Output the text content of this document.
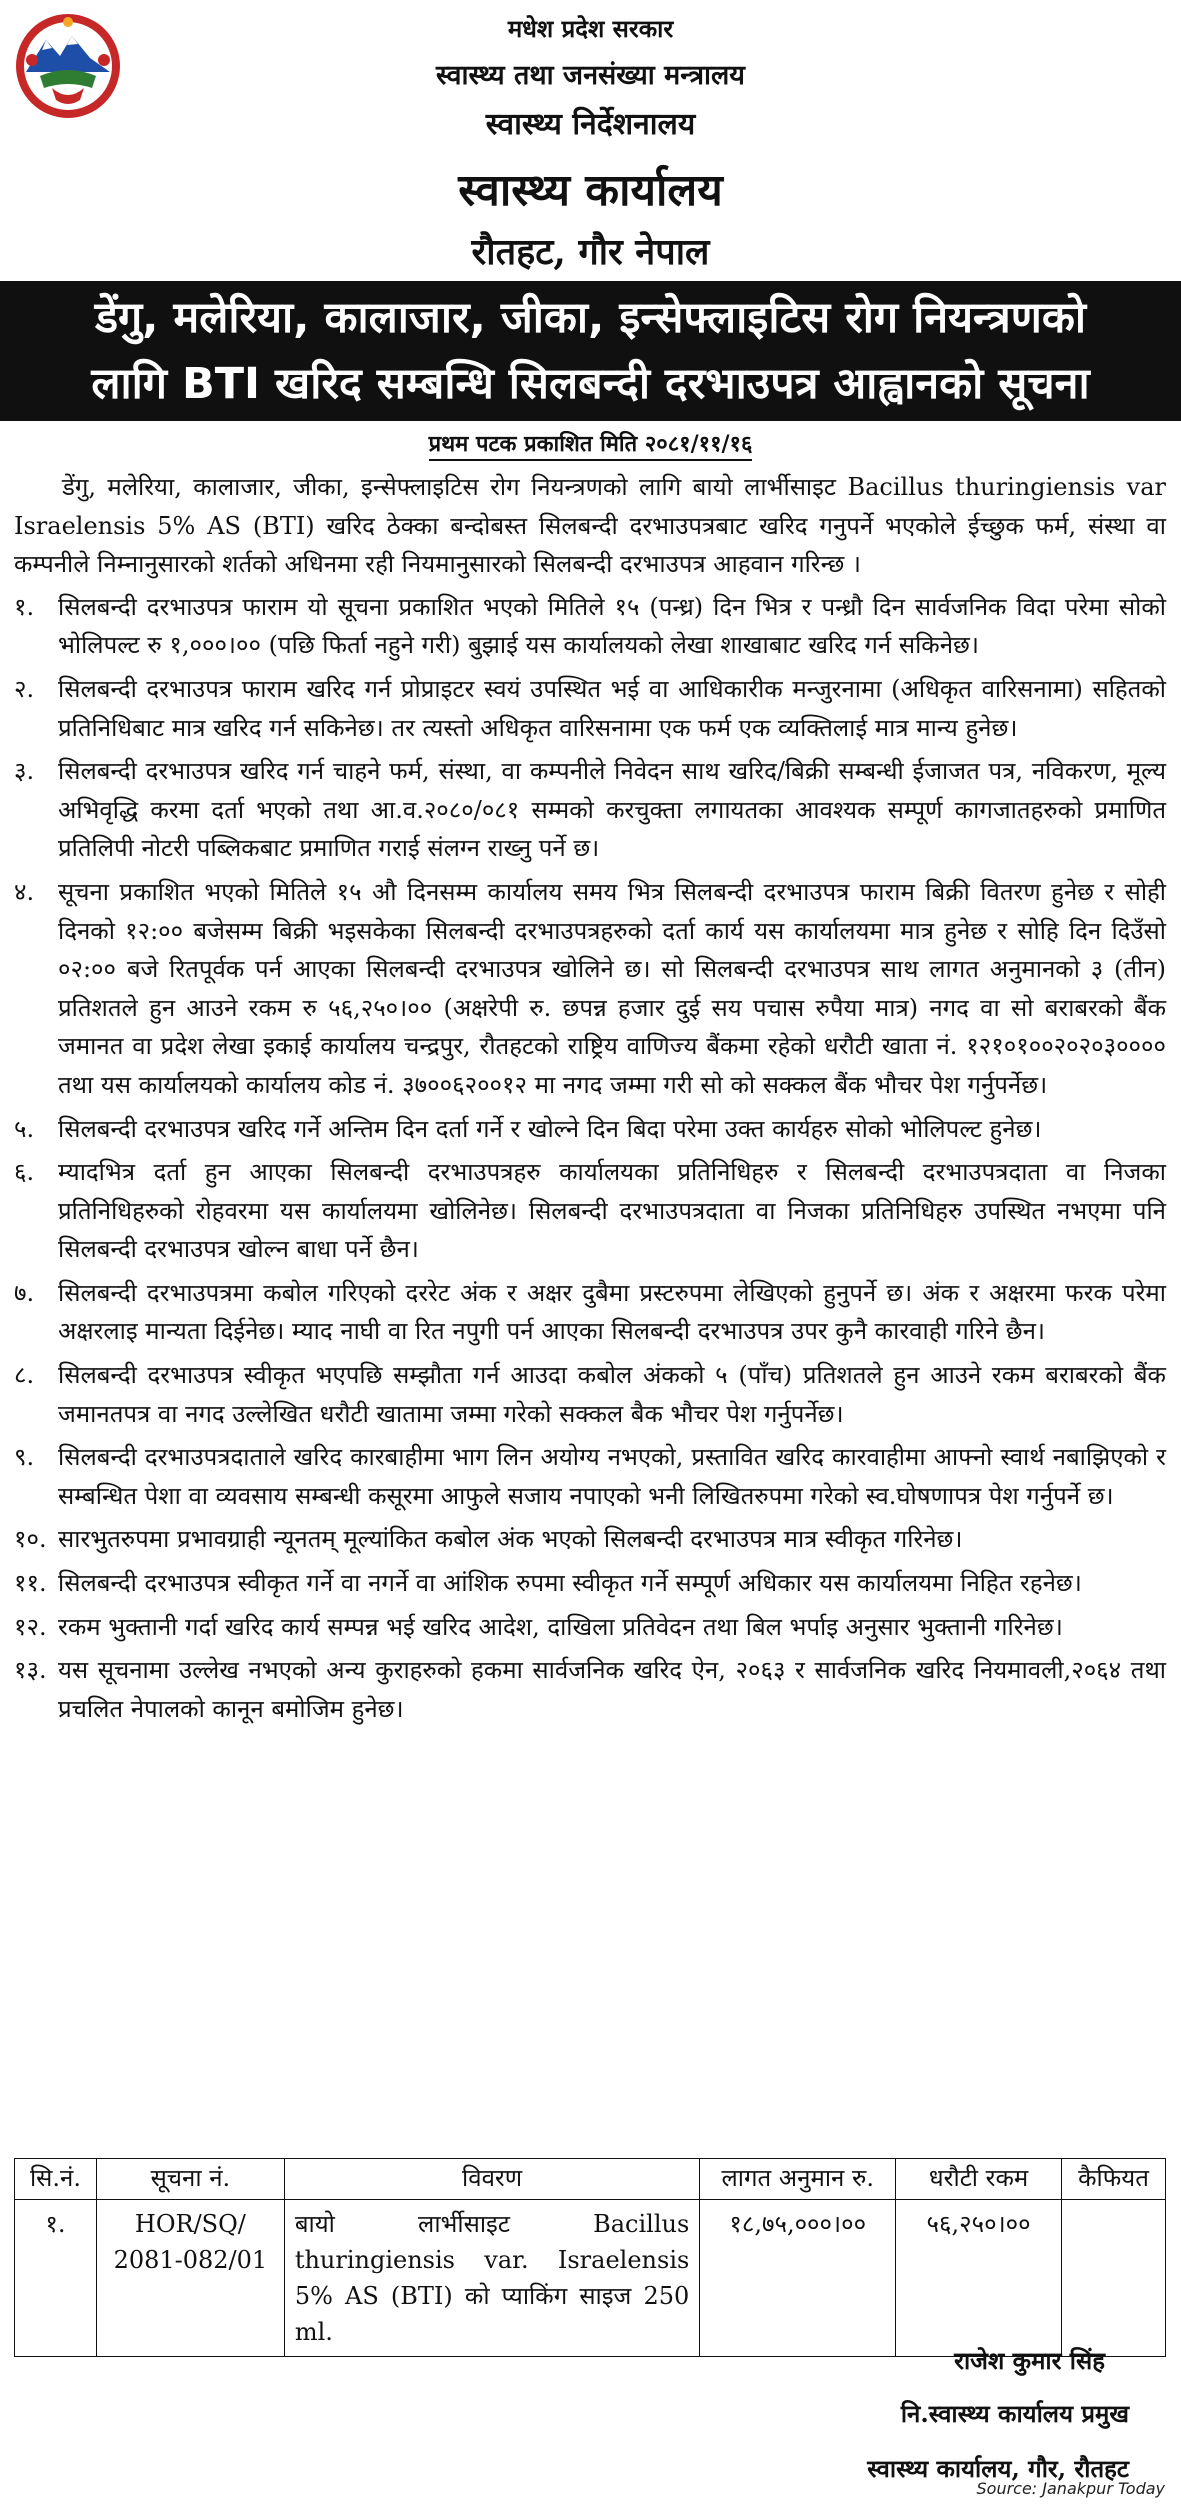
मधेश प्रदेश सरकार
स्वास्थ्य तथा जनसंख्या मन्त्रालय
स्वास्थ्य निर्देशनालय
स्वास्थ्य कार्यालय
रौतहट, गौर नेपाल
डेंगु, मलेरिया, कालाजार, जीका, इन्सेफ्लाइटिस रोग नियन्त्रणको
लागि BTI खरिद सम्बन्धि सिलबन्दी दरभाउपत्र आह्वानको सूचना
प्रथम पटक प्रकाशित मिति २०८१/११/१६

डेंगु, मलेरिया, कालाजार, जीका, इन्सेफ्लाइटिस रोग नियन्त्रणको लागि बायो लार्भीसाइट Bacillus thuringiensis var Israelensis 5% AS (BTI) खरिद ठेक्का बन्दोबस्त सिलबन्दी दरभाउपत्रबाट खरिद गनुपर्ने भएकोले ईच्छुक फर्म, संस्था वा कम्पनीले निम्नानुसारको शर्तको अधिनमा रही नियमानुसारको सिलबन्दी दरभाउपत्र आहवान गरिन्छ ।

१. सिलबन्दी दरभाउपत्र फाराम यो सूचना प्रकाशित भएको मितिले १५ (पन्ध्र) दिन भित्र र पन्ध्रौ दिन सार्वजनिक विदा परेमा सोको भोलिपल्ट रु १,०००।०० (पछि फिर्ता नहुने गरी) बुझाई यस कार्यालयको लेखा शाखाबाट खरिद गर्न सकिनेछ।
२. सिलबन्दी दरभाउपत्र फाराम खरिद गर्न प्रोप्राइटर स्वयं उपस्थित भई वा आधिकारीक मन्जुरनामा (अधिकृत वारिसनामा) सहितको प्रतिनिधिबाट मात्र खरिद गर्न सकिनेछ। तर त्यस्तो अधिकृत वारिसनामा एक फर्म एक व्यक्तिलाई मात्र मान्य हुनेछ।
३. सिलबन्दी दरभाउपत्र खरिद गर्न चाहने फर्म, संस्था, वा कम्पनीले निवेदन साथ खरिद/बिक्री सम्बन्धी ईजाजत पत्र, नविकरण, मूल्य अभिवृद्धि करमा दर्ता भएको तथा आ.व.२०८०/०८१ सम्मको करचुक्ता लगायतका आवश्यक सम्पूर्ण कागजातहरुको प्रमाणित प्रतिलिपी नोटरी पब्लिकबाट प्रमाणित गराई संलग्न राख्नु पर्ने छ।
४. सूचना प्रकाशित भएको मितिले १५ औ दिनसम्म कार्यालय समय भित्र सिलबन्दी दरभाउपत्र फाराम बिक्री वितरण हुनेछ र सोही दिनको १२:०० बजेसम्म बिक्री भइसकेका सिलबन्दी दरभाउपत्रहरुको दर्ता कार्य यस कार्यालयमा मात्र हुनेछ र सोहि दिन दिउँसो ०२:०० बजे रितपूर्वक पर्न आएका सिलबन्दी दरभाउपत्र खोलिने छ। सो सिलबन्दी दरभाउपत्र साथ लागत अनुमानको ३ (तीन) प्रतिशतले हुन आउने रकम रु ५६,२५०।०० (अक्षरेपी रु. छपन्न हजार दुई सय पचास रुपैया मात्र) नगद वा सो बराबरको बैंक जमानत वा प्रदेश लेखा इकाई कार्यालय चन्द्रपुर, रौतहटको राष्ट्रिय वाणिज्य बैंकमा रहेको धरौटी खाता नं. १२१०१००२०२०३०००० तथा यस कार्यालयको कार्यालय कोड नं. ३७००६२००१२ मा नगद जम्मा गरी सो को सक्कल बैंक भौचर पेश गर्नुपर्नेछ।
५. सिलबन्दी दरभाउपत्र खरिद गर्ने अन्तिम दिन दर्ता गर्ने र खोल्ने दिन बिदा परेमा उक्त कार्यहरु सोको भोलिपल्ट हुनेछ।
६. म्यादभित्र दर्ता हुन आएका सिलबन्दी दरभाउपत्रहरु कार्यालयका प्रतिनिधिहरु र सिलबन्दी दरभाउपत्रदाता वा निजका प्रतिनिधिहरुको रोहवरमा यस कार्यालयमा खोलिनेछ। सिलबन्दी दरभाउपत्रदाता वा निजका प्रतिनिधिहरु उपस्थित नभएमा पनि सिलबन्दी दरभाउपत्र खोल्न बाधा पर्ने छैन।
७. सिलबन्दी दरभाउपत्रमा कबोल गरिएको दररेट अंक र अक्षर दुबैमा प्रस्टरुपमा लेखिएको हुनुपर्ने छ। अंक र अक्षरमा फरक परेमा अक्षरलाइ मान्यता दिईनेछ। म्याद नाघी वा रित नपुगी पर्न आएका सिलबन्दी दरभाउपत्र उपर कुनै कारवाही गरिने छैन।
८. सिलबन्दी दरभाउपत्र स्वीकृत भएपछि सम्झौता गर्न आउदा कबोल अंकको ५ (पाँच) प्रतिशतले हुन आउने रकम बराबरको बैंक जमानतपत्र वा नगद उल्लेखित धरौटी खातामा जम्मा गरेको सक्कल बैक भौचर पेश गर्नुपर्नेछ।
९. सिलबन्दी दरभाउपत्रदाताले खरिद कारबाहीमा भाग लिन अयोग्य नभएको, प्रस्तावित खरिद कारवाहीमा आफ्नो स्वार्थ नबाझिएको र सम्बन्धित पेशा वा व्यवसाय सम्बन्धी कसूरमा आफुले सजाय नपाएको भनी लिखितरुपमा गरेको स्व.घोषणापत्र पेश गर्नुपर्ने छ।
१०. सारभुतरुपमा प्रभावग्राही न्यूनतम् मूल्यांकित कबोल अंक भएको सिलबन्दी दरभाउपत्र मात्र स्वीकृत गरिनेछ।
११. सिलबन्दी दरभाउपत्र स्वीकृत गर्ने वा नगर्ने वा आंशिक रुपमा स्वीकृत गर्ने सम्पूर्ण अधिकार यस कार्यालयमा निहित रहनेछ।
१२. रकम भुक्तानी गर्दा खरिद कार्य सम्पन्न भई खरिद आदेश, दाखिला प्रतिवेदन तथा बिल भर्पाइ अनुसार भुक्तानी गरिनेछ।
१३. यस सूचनामा उल्लेख नभएको अन्य कुराहरुको हकमा सार्वजनिक खरिद ऐन, २०६३ र सार्वजनिक खरिद नियमावली,२०६४ तथा प्रचलित नेपालको कानून बमोजिम हुनेछ।
सि.नं.	सूचना नं.	विवरण	लागत अनुमान रु.	धरौटी रकम	कैफियत
१.	HOR/SQ/ 2081-082/01	बायो लार्भीसाइट Bacillus thuringiensis var. Israelensis 5% AS (BTI) को प्याकिंग साइज 250 ml.	१८,७५,०००।००	५६,२५०।००	
राजेश कुमार सिंह
नि.स्वास्थ्य कार्यालय प्रमुख
स्वास्थ्य कार्यालय, गौर, रौतहट
Source: Janakpur Today
